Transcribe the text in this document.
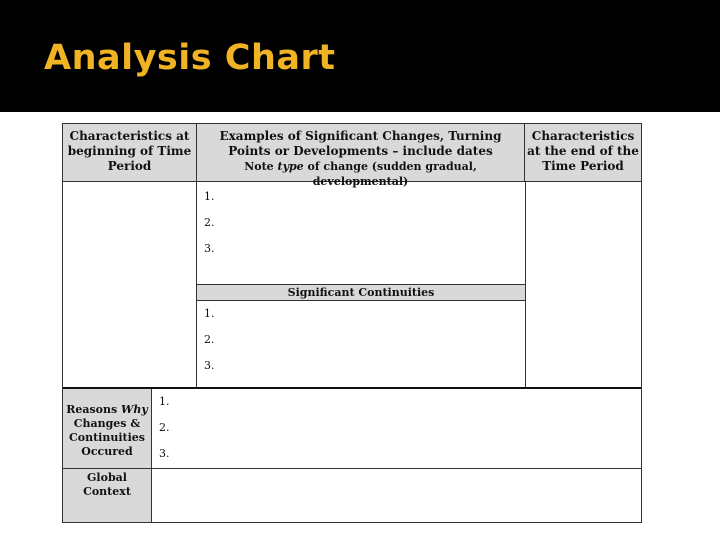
Analysis Chart
Characteristics at beginning of Time Period
Examples of Significant Changes, Turning Points or Developments – include dates
Note type of change (sudden gradual, developmental)
Characteristics at the end of the Time Period
1.
2.
3.
Significant Continuities
1.
2.
3.
Reasons Why Changes & Continuities Occured
1.
2.
3.
Global Context
